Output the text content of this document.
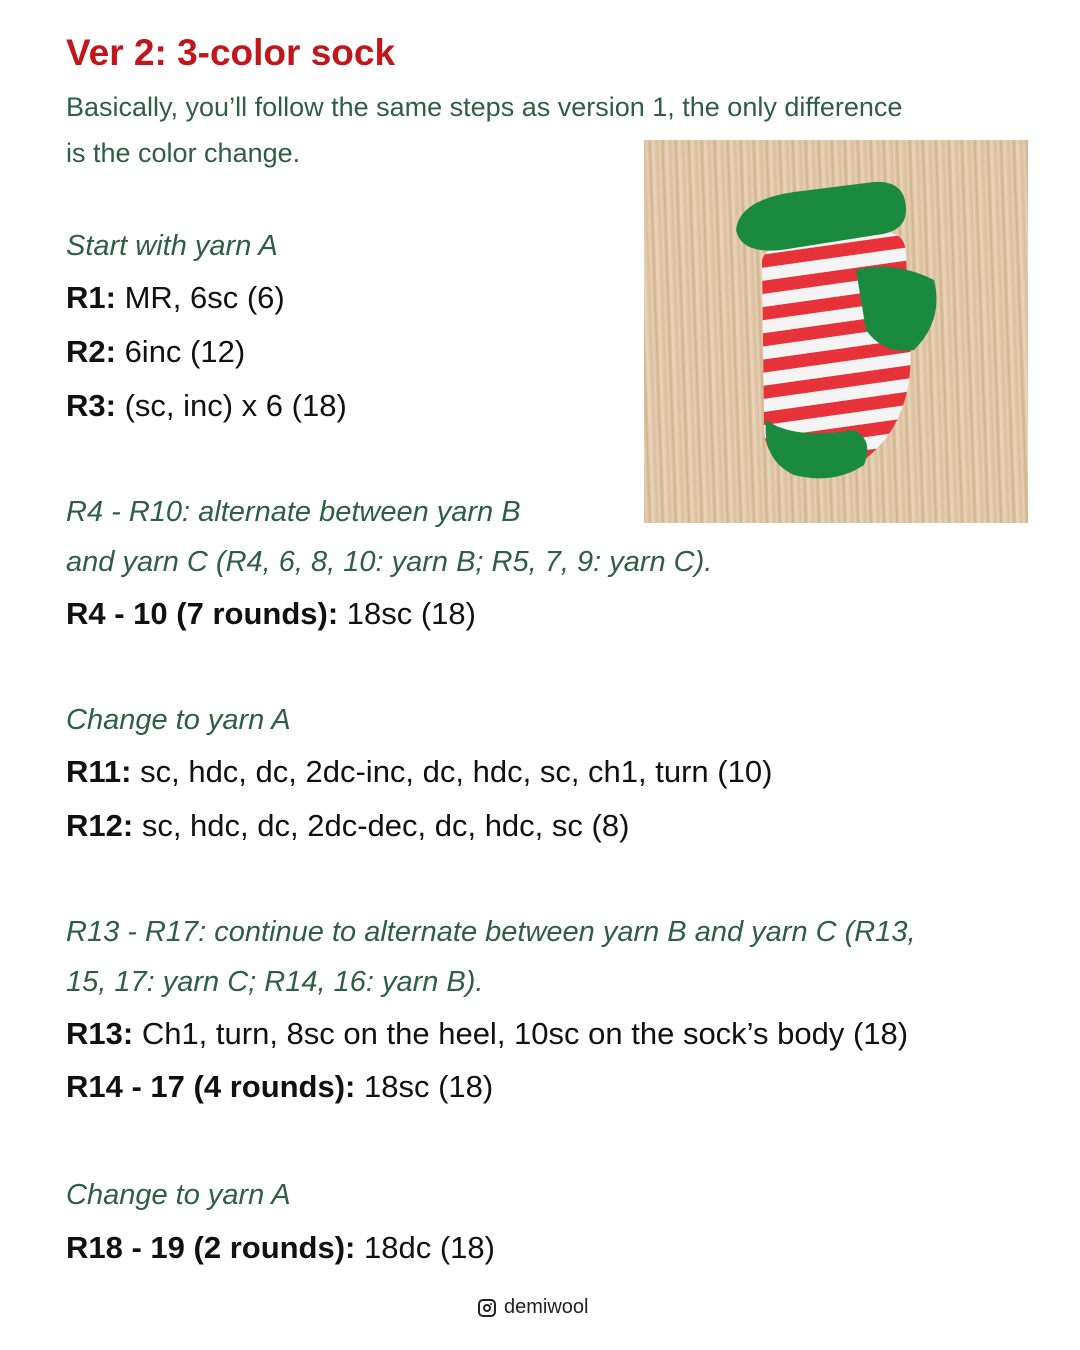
Ver 2: 3-color sock
Basically, you’ll follow the same steps as version 1, the only difference
is the color change.
Start with yarn A
R1: MR, 6sc (6)
R2: 6inc (12)
R3: (sc, inc) x 6 (18)
R4 - R10: alternate between yarn B
and yarn C (R4, 6, 8, 10: yarn B; R5, 7, 9: yarn C).
R4 - 10 (7 rounds): 18sc (18)
Change to yarn A
R11: sc, hdc, dc, 2dc-inc, dc, hdc, sc, ch1, turn (10)
R12: sc, hdc, dc, 2dc-dec, dc, hdc, sc (8)
R13 - R17: continue to alternate between yarn B and yarn C (R13,
15, 17: yarn C; R14, 16: yarn B).
R13: Ch1, turn, 8sc on the heel, 10sc on the sock’s body (18)
R14 - 17 (4 rounds): 18sc (18)
Change to yarn A
R18 - 19 (2 rounds): 18dc (18)
demiwool
